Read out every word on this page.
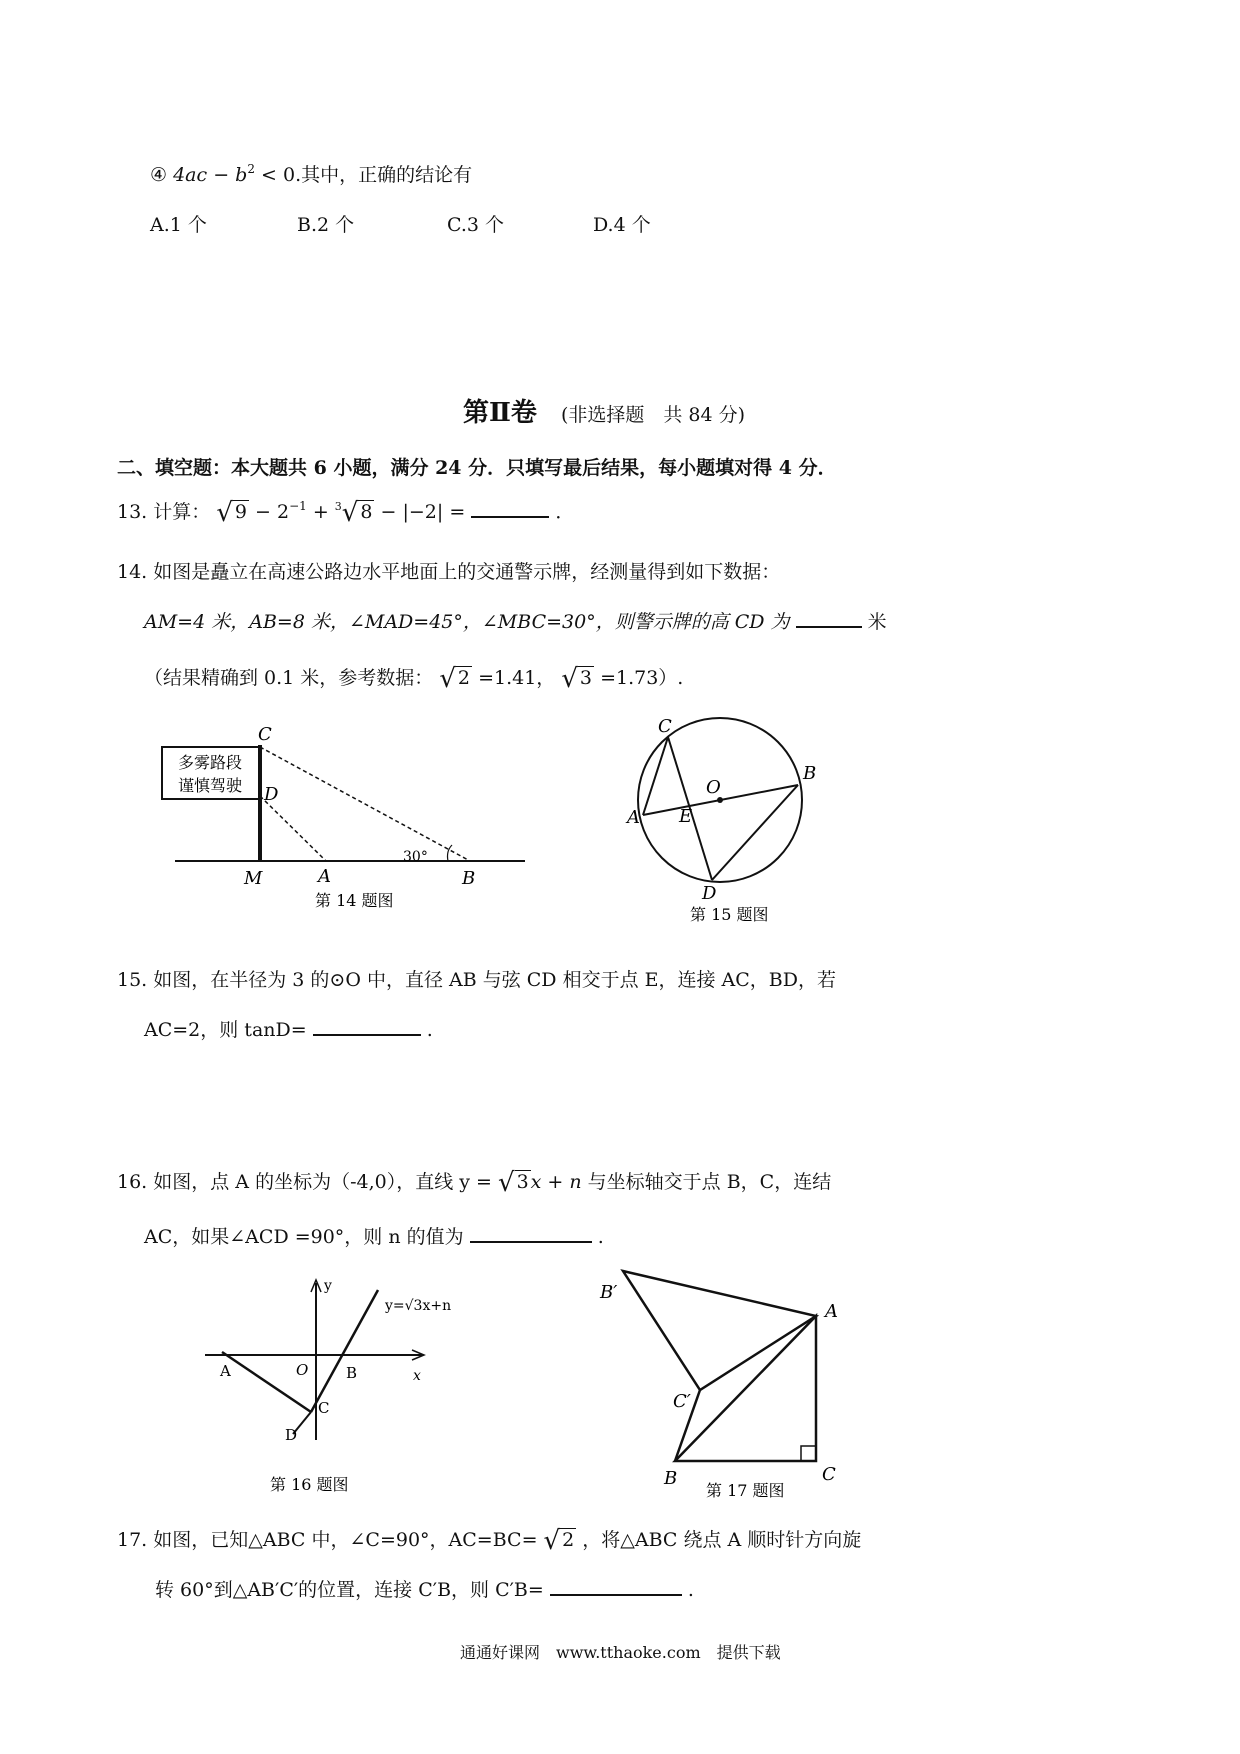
④ $4ac - b^2 < 0$.其中，正确的结论有
A.1 个	B.2 个	C.3 个	D.4 个
第Ⅱ卷 (非选择题　共 84 分)
二、填空题：本大题共 6 小题，满分 24 分．只填写最后结果，每小题填对得 4 分．
13. 计算： √ $9 - 2^{-1} + ^3√$ 8 − |−2| =	．
14. 如图是矗立在高速公路边水平地面上的交通警示牌，经测量得到如下数据：
AM=4 米，AB=8 米，∠MAD=45°，∠MBC=30°，则警示牌的高 CD 为	米
（结果精确到 0.1 米，参考数据： √ 2 =1.41， √ 3 =1.73）.
多雾路段
谨慎驾驶
30°
C
D
M	A	B
第 14 题图
C
B
A E
O
D
第 15 题图
y
x
y=√3x+n
A	O	B
C
D
第 16 题图
B′
A
C′
B	C
第 17 题图
15. 如图，在半径为 3 的⊙O 中，直径 AB 与弦 CD 相交于点 E，连接 AC，BD，若
AC=2，则 tanD=	.
16. 如图，点 A 的坐标为（-4,0），直线 y = √ 3 x + n 与坐标轴交于点 B，C，连结
AC，如果∠ACD =90°，则 n 的值为	.
17. 如图，已知△ABC 中，∠C=90°，AC=BC= √ 2 ，将△ABC 绕点 A 顺时针方向旋
转 60°到△AB′C′的位置，连接 C′B，则 C′B=	.
通通好课网　www.tthaoke.com　提供下载
